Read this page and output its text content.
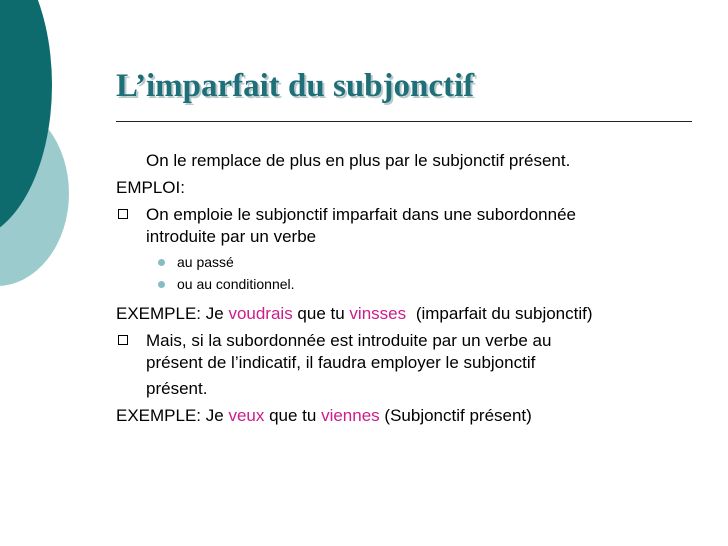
L’imparfait du subjonctif

On le remplace de plus en plus par le subjonctif présent.

EMPLOI:

On emploie le subjonctif imparfait dans une subordonnée

introduite par un verbe

au passé
ou au conditionnel.

EXEMPLE: Je voudrais que tu vinsses (imparfait du subjonctif)

Mais, si la subordonnée est introduite par un verbe au

présent de l’indicatif, il faudra employer le subjonctif

présent.

EXEMPLE: Je veux que tu viennes (Subjonctif présent)
